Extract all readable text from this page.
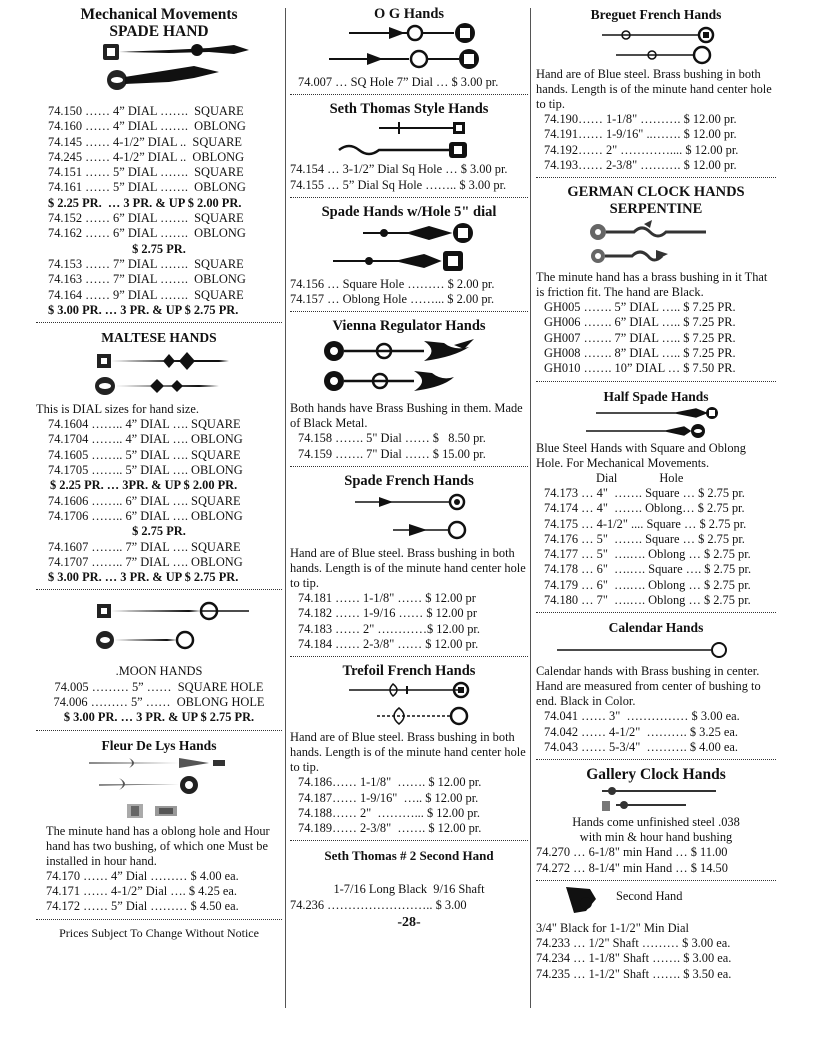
Mechanical Movements
SPADE HAND
74.150 …… 4” DIAL …….  SQUARE
74.160 …… 4” DIAL …….  OBLONG
74.145 …… 4-1/2” DIAL ..  SQUARE
74.245 …… 4-1/2” DIAL ..  OBLONG
74.151 …… 5” DIAL …….  SQUARE
74.161 …… 5” DIAL …….  OBLONG
$ 2.25 PR.  … 3 PR. & UP $ 2.00 PR.
74.152 …… 6” DIAL …….  SQUARE
74.162 …… 6” DIAL …….  OBLONG
$ 2.75 PR.
74.153 …… 7” DIAL …….  SQUARE
74.163 …… 7” DIAL …….  OBLONG
74.164 …… 9” DIAL …….  SQUARE
$ 3.00 PR. … 3 PR. & UP $ 2.75 PR.
MALTESE HANDS
This is DIAL sizes for hand size.
74.1604 …….. 4” DIAL …. SQUARE
74.1704 …….. 4” DIAL …. OBLONG
74.1605 …….. 5” DIAL …. SQUARE
74.1705 …….. 5” DIAL …. OBLONG
$ 2.25 PR. … 3PR. & UP $ 2.00 PR.
74.1606 …….. 6” DIAL …. SQUARE
74.1706 …….. 6” DIAL …. OBLONG
$ 2.75 PR.
74.1607 …….. 7” DIAL …. SQUARE
74.1707 …….. 7” DIAL …. OBLONG
$ 3.00 PR. … 3 PR. & UP $ 2.75 PR.
.MOON HANDS
74.005 ……… 5” ……  SQUARE HOLE
74.006 ……… 5” ……  OBLONG HOLE
$ 3.00 PR. … 3 PR. & UP $ 2.75 PR.
Fleur De Lys Hands
The minute hand has a oblong hole and Hour hand has two bushing, of which one Must be installed in hour hand.
74.170 …… 4” Dial ……… $ 4.00 ea.
74.171 …… 4-1/2” Dial …. $ 4.25 ea.
74.172 …… 5” Dial ……… $ 4.50 ea.
Prices Subject To Change Without Notice
O G Hands
74.007 … SQ Hole 7” Dial … $ 3.00 pr.
Seth Thomas Style Hands
74.154 … 3-1/2” Dial Sq Hole … $ 3.00 pr.
74.155 … 5” Dial Sq Hole …….. $ 3.00 pr.
Spade Hands w/Hole 5" dial
74.156 … Square Hole ……… $ 2.00 pr.
74.157 … Oblong Hole ……... $ 2.00 pr.
Vienna Regulator Hands
Both hands have Brass Bushing in them. Made of Black Metal.
74.158 ……. 5" Dial …… $   8.50 pr.
74.159 ……. 7" Dial …… $ 15.00 pr.
Spade French Hands
Hand are of Blue steel. Brass bushing in both hands. Length is of the minute hand center hole to tip.
74.181 …… 1-1/8" …… $ 12.00 pr
74.182 …… 1-9/16 …… $ 12.00 pr
74.183 …… 2" …………$ 12.00 pr.
74.184 …… 2-3/8" …… $ 12.00 pr.
Trefoil French Hands
Hand are of Blue steel. Brass bushing in both hands. Length is of the minute hand center hole to tip.
74.186…… 1-1/8"  ……. $ 12.00 pr.
74.187…… 1-9/16"  ….. $ 12.00 pr.
74.188…… 2"  ………... $ 12.00 pr.
74.189…… 2-3/8"  ……. $ 12.00 pr.
Seth Thomas # 2 Second Hand
1-7/16 Long Black  9/16 Shaft
74.236 …………………….. $ 3.00
-28-
Breguet French Hands
Hand are of Blue steel. Brass bushing in both hands. Length is of the minute hand center hole to tip.
74.190…… 1-1/8" ………. $ 12.00 pr.
74.191…… 1-9/16" ..……. $ 12.00 pr.
74.192…… 2" ………….... $ 12.00 pr.
74.193…… 2-3/8" ………. $ 12.00 pr.
GERMAN CLOCK HANDS
SERPENTINE
The minute hand has a brass bushing in it That is friction fit. The hand are Black.
GH005 ……. 5” DIAL ….. $ 7.25 PR.
GH006 ……. 6” DIAL ….. $ 7.25 PR.
GH007 ……. 7” DIAL ….. $ 7.25 PR.
GH008 ……. 8” DIAL ….. $ 7.25 PR.
GH010 ……. 10” DIAL … $ 7.50 PR.
Half Spade Hands
Blue Steel Hands with Square and Oblong Hole. For Mechanical Movements.
Dial	Hole
74.173 … 4"  ……. Square … $ 2.75 pr.
74.174 … 4"  ……. Oblong… $ 2.75 pr.
74.175 … 4-1/2" .... Square … $ 2.75 pr.
74.176 … 5"  ……. Square … $ 2.75 pr.
74.177 … 5"  ….…. Oblong … $ 2.75 pr.
74.178 … 6"  ….…. Square …. $ 2.75 pr.
74.179 … 6"  ….…. Oblong … $ 2.75 pr.
74.180 … 7"  ….…. Oblong … $ 2.75 pr.
Calendar Hands
Calendar hands with Brass bushing in center. Hand are measured from center of bushing to end. Black in Color.
74.041 …… 3"  …………… $ 3.00 ea.
74.042 …… 4-1/2"  ………. $ 3.25 ea.
74.043 …… 5-3/4"  ………. $ 4.00 ea.
Gallery Clock Hands
Hands come unfinished steel .038
with min & hour hand bushing
74.270 … 6-1/8" min Hand … $ 11.00
74.272 … 8-1/4" min Hand … $ 14.50
Second Hand
3/4" Black for 1-1/2" Min Dial
74.233 … 1/2" Shaft ……… $ 3.00 ea.
74.234 … 1-1/8" Shaft ……. $ 3.00 ea.
74.235 … 1-1/2" Shaft ……. $ 3.50 ea.
